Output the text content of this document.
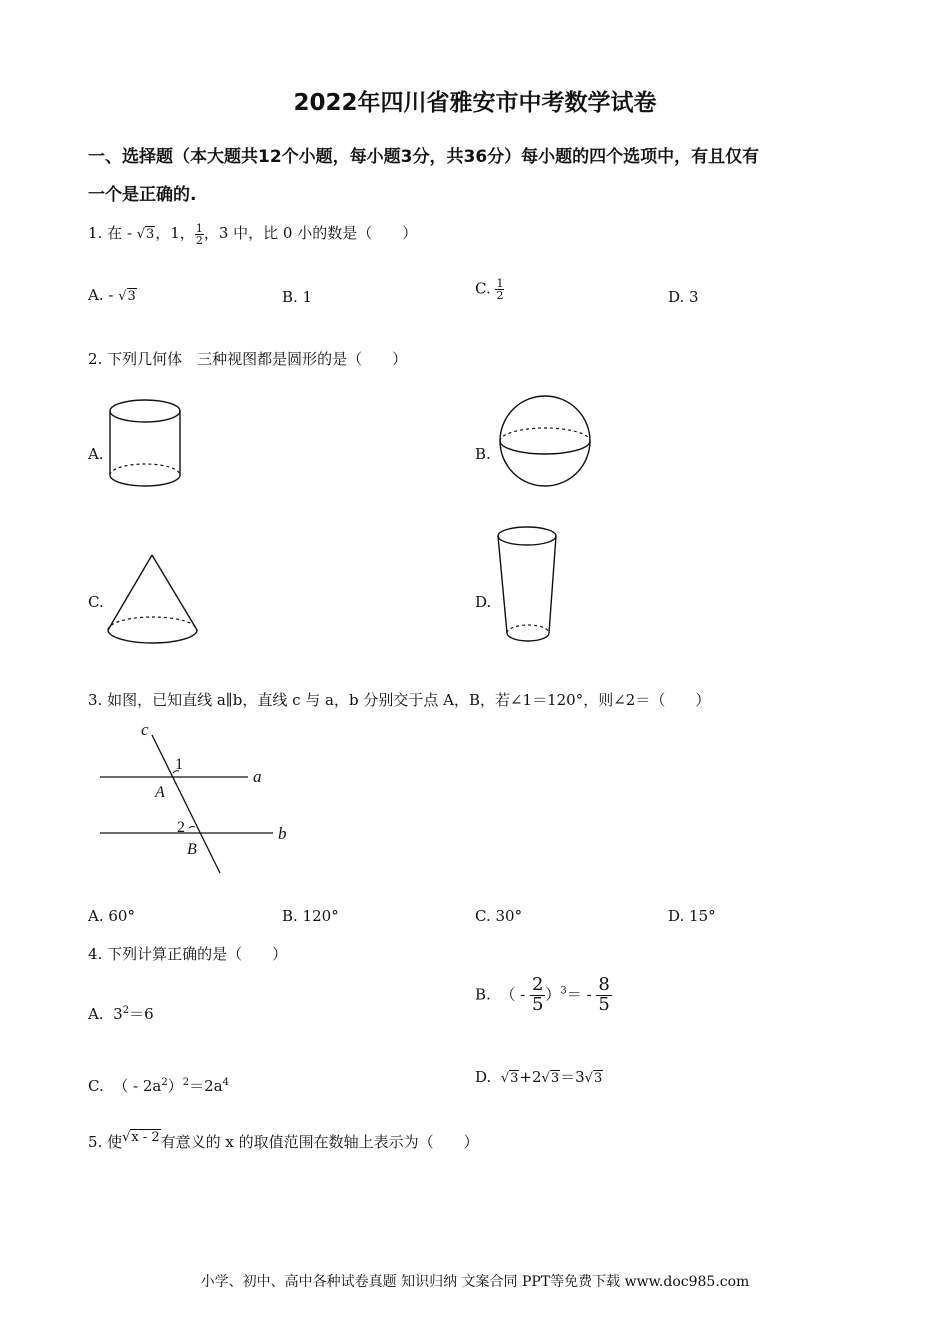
2022年四川省雅安市中考数学试卷
一、选择题（本大题共12个小题，每小题3分，共36分）每小题的四个选项中，有且仅有
一个是正确的.
1. 在 - √3，1， $\frac{1}{2}$ ，3 中，比 0 小的数是（　　）
A. - √3	B. 1	C. $\frac{1}{2}$	D. 3
2. 下列几何体　三种视图都是圆形的是（　　）
A.	B.
C.	D.
3. 如图，已知直线 a∥b，直线 c 与 a，b 分别交于点 A，B，若∠1＝120°，则∠2＝（　　）
c
1
a
A
2	b
B
A. 60°	B. 120°	C. 30°	D. 15°
4. 下列计算正确的是（　　）
A. $3^2=6$
B. （ - $\frac{2}{5} )^3= - \frac{8}{5}$
C. （ - $2a^2)^2=2a^4$	D. √3+2√3＝3√3
5. 使√x - 2有意义的 x 的取值范围在数轴上表示为（　　）
小学、初中、高中各种试卷真题 知识归纳 文案合同 PPT等免费下载 www.doc985.com
